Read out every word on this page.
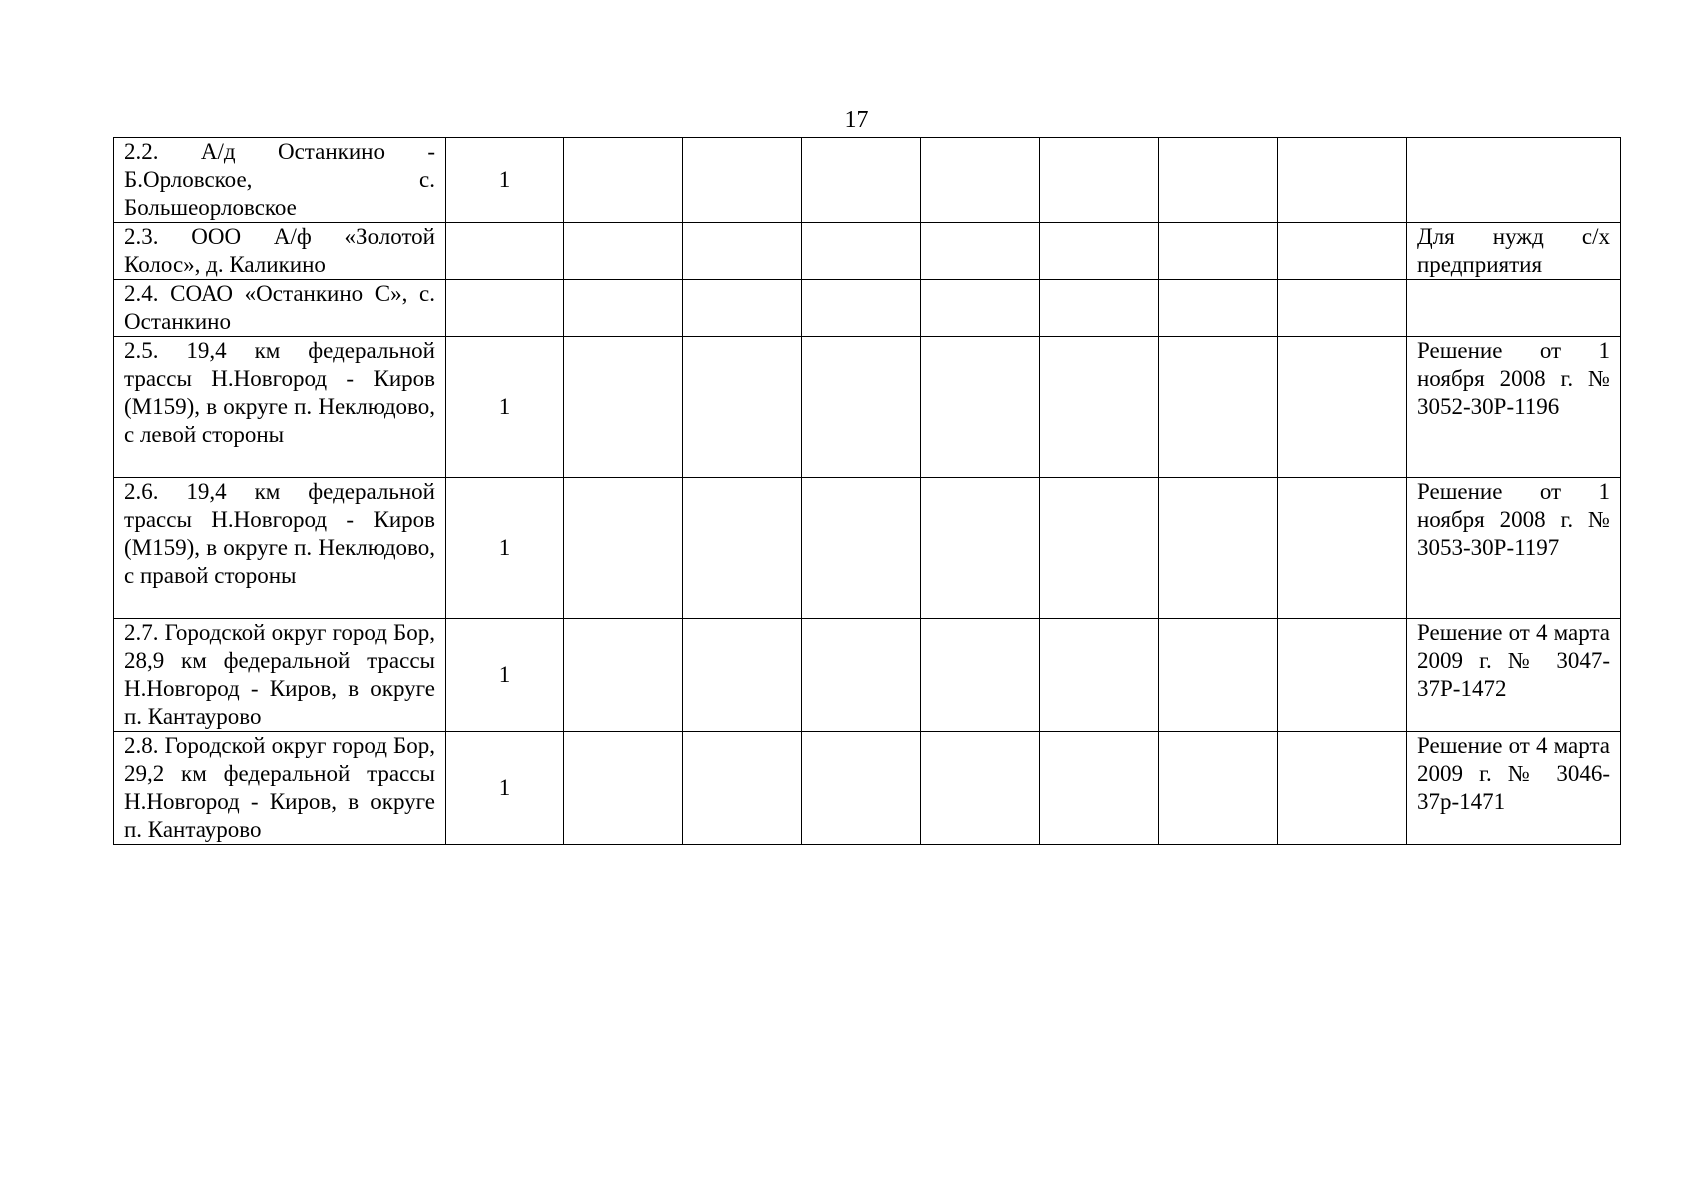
17
2.2. А/д Останкино - Б.Орловское, с. Большеорловское	1								
2.3. ООО А/ф «Золотой Колос», д. Каликино									Для нужд с/х предприятия
2.4. СОАО «Останкино С», с. Останкино									
2.5. 19,4 км федеральной трассы Н.Новгород - Киров (М159), в округе п. Неклюдово, с левой стороны	1								Решение от 1 ноября 2008 г. № 3052-30Р-1196
2.6. 19,4 км федеральной трассы Н.Новгород - Киров (М159), в округе п. Неклюдово, с правой стороны	1								Решение от 1 ноября 2008 г. № 3053-30Р-1197
2.7. Городской округ город Бор, 28,9 км федеральной трассы Н.Новгород - Киров, в округе п. Кантаурово	1								Решение от 4 марта 2009 г. № 3047-37Р-1472
2.8. Городской округ город Бор, 29,2 км федеральной трассы Н.Новгород - Киров, в округе п. Кантаурово	1								Решение от 4 марта 2009 г. № 3046-37р-1471
